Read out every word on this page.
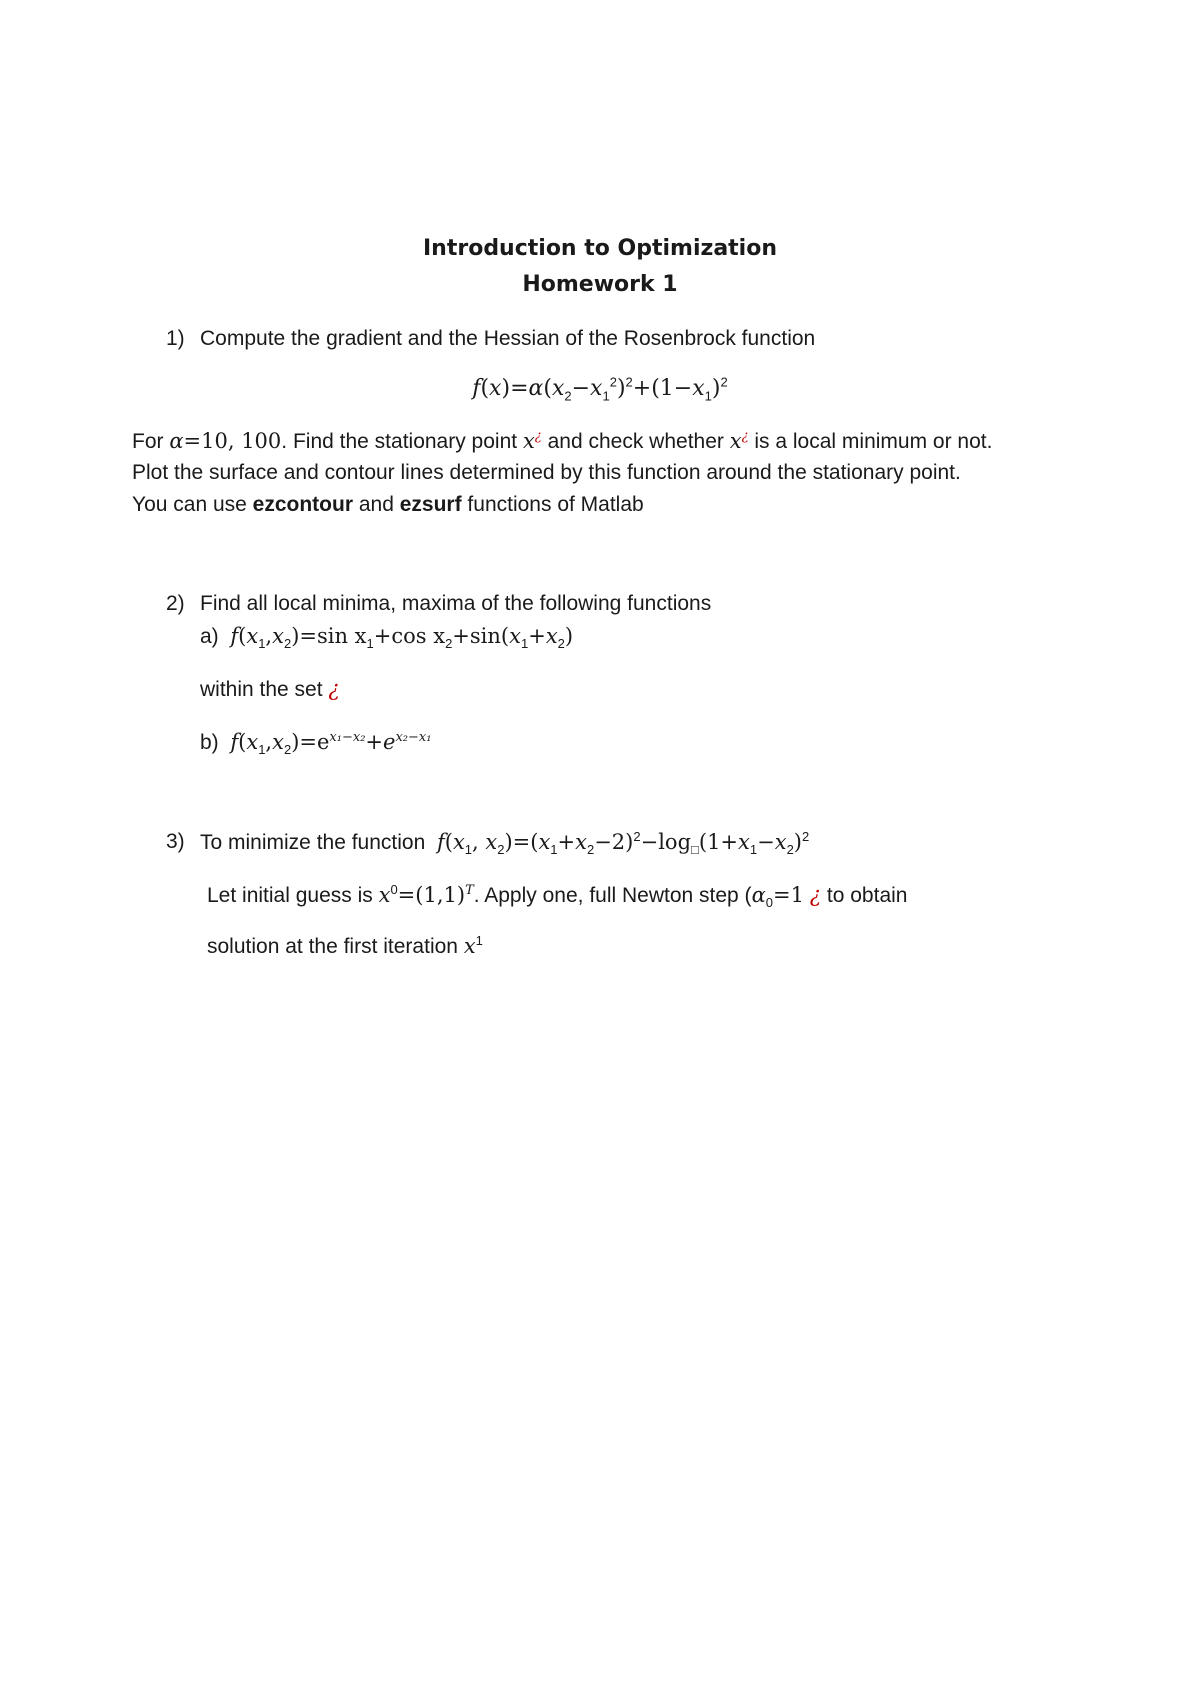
Introduction to Optimization
Homework 1
1) Compute the gradient and the Hessian of the Rosenbrock function
$f(x)=\alpha(x_2-x_1^2)^2+(1-x_1)^2$
For α=10, 100. Find the stationary point x¿ and check whether x¿ is a local minimum or not.
Plot the surface and contour lines determined by this function around the stationary point.
You can use ezcontour and ezsurf functions of Matlab
2) Find all local minima, maxima of the following functions
a) $f(x_1,x_2)=\sin$ $x_1+\cos$ $x_2+\sin(x_1+x_2)$
within the set ¿
b) $f(x_1,x_2)=e^{x_1-x_2}+e^{x_2-x_1}$
3) To minimize the function  $f(x_1$, $x_2)=(x_1+x_2-2)^2-\log_□(1+x_1-x_2)^2$
Let initial guess is $x^0=(1,1)^T$. Apply one, full Newton step ($\alpha_0=1$ ¿ to obtain
solution at the first iteration $x^1$
